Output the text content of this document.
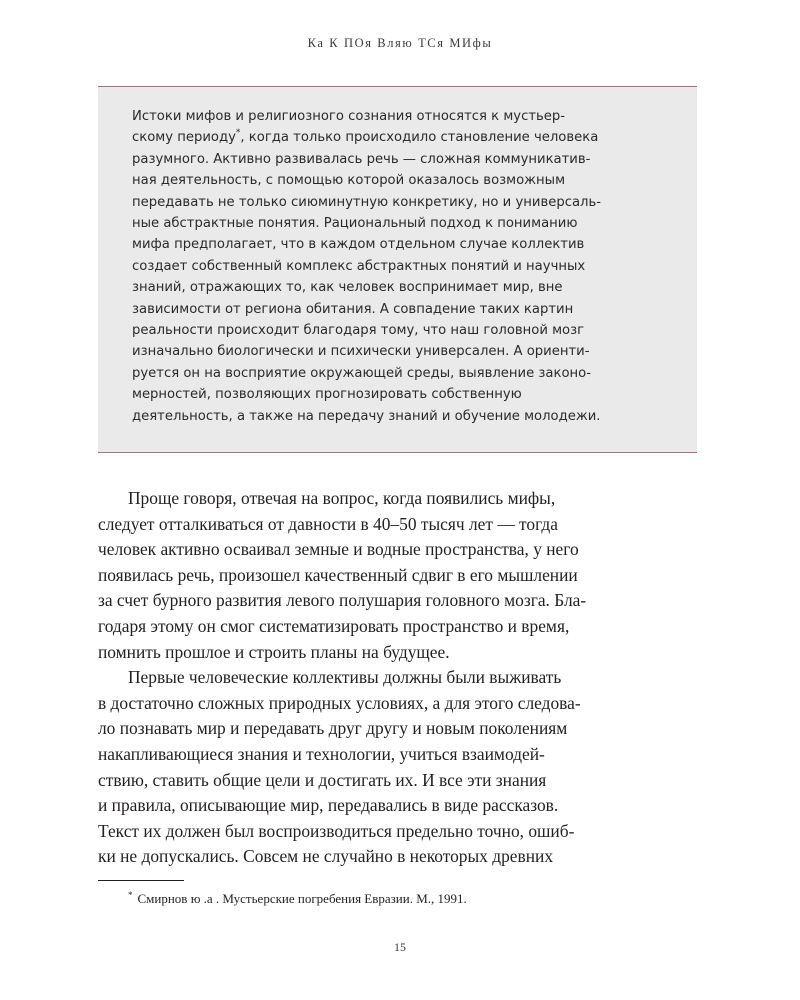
Ка К ПОя Вляю ТСя МИфы
Истоки мифов и религиозного сознания относятся к мустьер-
скому периоду*, когда только происходило становление человека
разумного. Активно развивалась речь — сложная коммуникатив-
ная деятельность, с помощью которой оказалось возможным
передавать не только сиюминутную конкретику, но и универсаль-
ные абстрактные понятия. Рациональный подход к пониманию
мифа предполагает, что в каждом отдельном случае коллектив
создает собственный комплекс абстрактных понятий и научных
знаний, отражающих то, как человек воспринимает мир, вне
зависимости от региона обитания. А совпадение таких картин
реальности происходит благодаря тому, что наш головной мозг
изначально биологически и психически универсален. А ориенти-
руется он на восприятие окружающей среды, выявление законо-
мерностей, позволяющих прогнозировать собственную
деятельность, а также на передачу знаний и обучение молодежи.
Проще говоря, отвечая на вопрос, когда появились мифы,
следует отталкиваться от давности в 40–50 тысяч лет — тогда
человек активно осваивал земные и водные пространства, у него
появилась речь, произошел качественный сдвиг в его мышлении
за счет бурного развития левого полушария головного мозга. Бла-
годаря этому он смог систематизировать пространство и время,
помнить прошлое и строить планы на будущее.
Первые человеческие коллективы должны были выживать
в достаточно сложных природных условиях, а для этого следова-
ло познавать мир и передавать друг другу и новым поколениям
накапливающиеся знания и технологии, учиться взаимодей-
ствию, ставить общие цели и достигать их. И все эти знания
и правила, описывающие мир, передавались в виде рассказов.
Текст их должен был воспроизводиться предельно точно, ошиб-
ки не допускались. Совсем не случайно в некоторых древних
* Смирнов ю .а . Мустьерские погребения Евразии. М., 1991.
15
